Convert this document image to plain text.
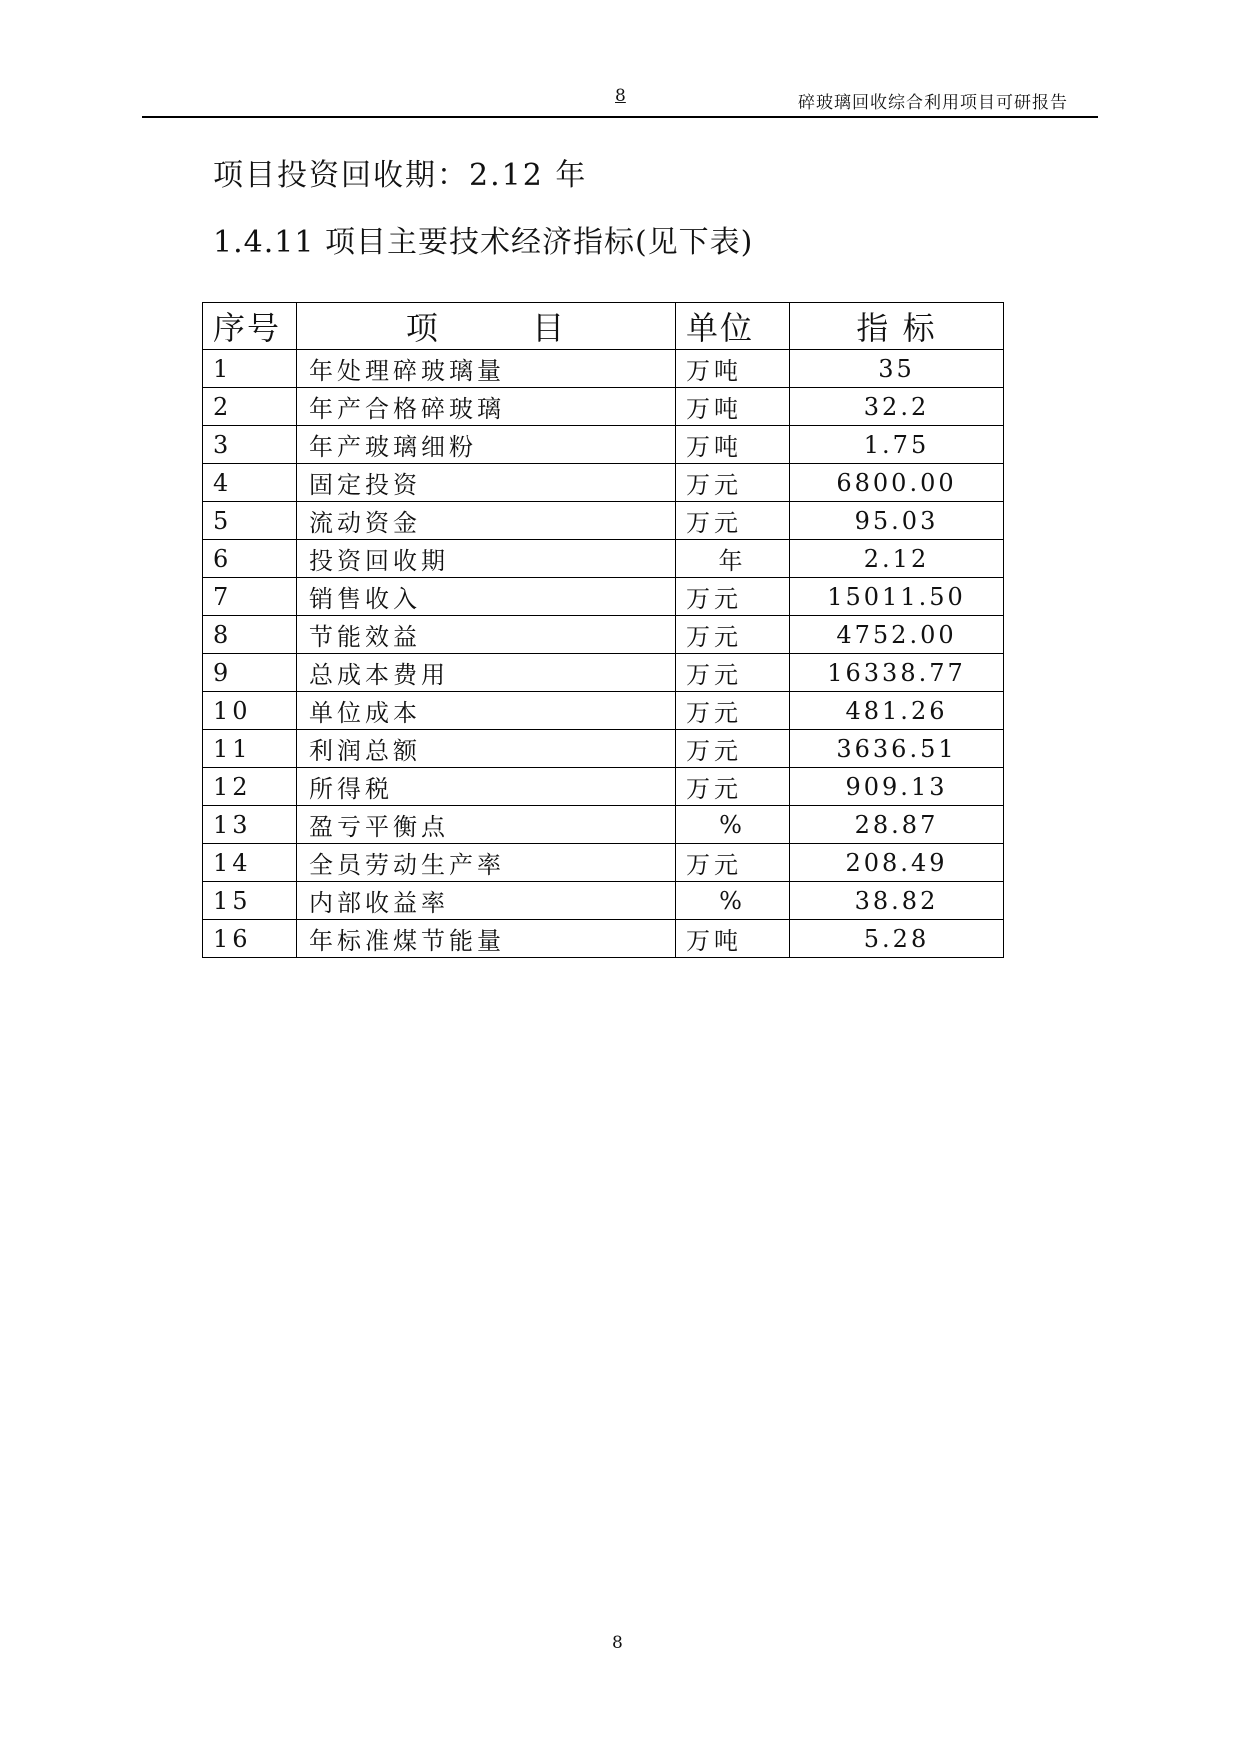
8	碎玻璃回收综合利用项目可研报告
项目投资回收期：2.12 年
1.4.11 项目主要技术经济指标(见下表)
序号	项 目	单位	指 标
1	年处理碎玻璃量	万吨	35
2	年产合格碎玻璃	万吨	32.2
3	年产玻璃细粉	万吨	1.75
4	固定投资	万元	6800.00
5	流动资金	万元	95.03
6	投资回收期	年	2.12
7	销售收入	万元	15011.50
8	节能效益	万元	4752.00
9	总成本费用	万元	16338.77
10	单位成本	万元	481.26
11	利润总额	万元	3636.51
12	所得税	万元	909.13
13	盈亏平衡点	%	28.87
14	全员劳动生产率	万元	208.49
15	内部收益率	%	38.82
16	年标准煤节能量	万吨	5.28
8
